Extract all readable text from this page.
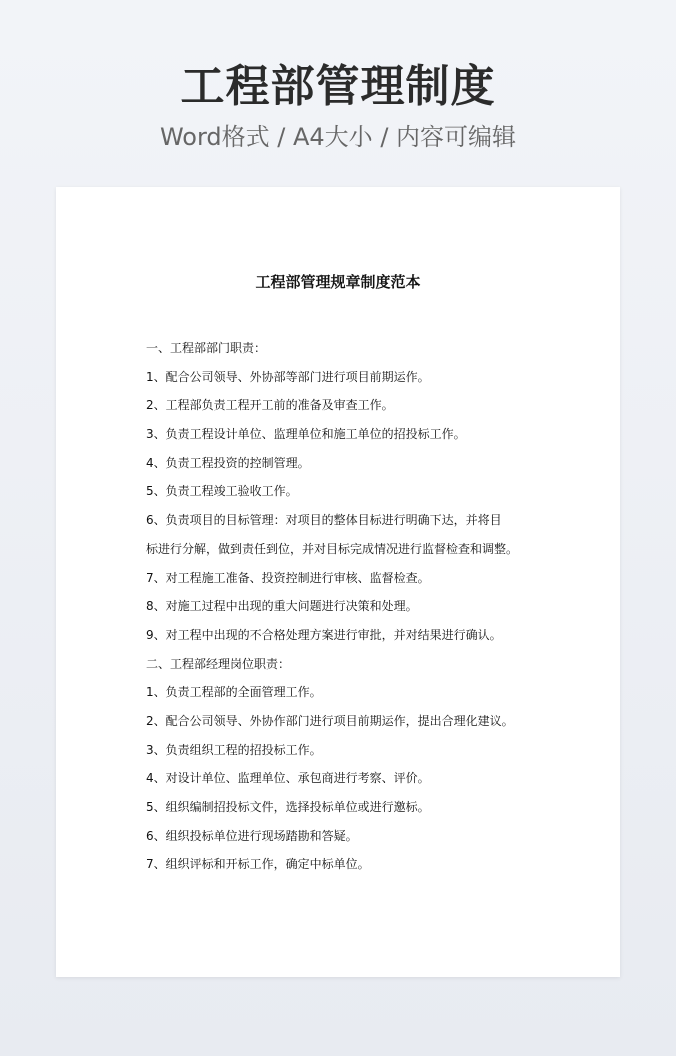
工程部管理制度
Word格式 / A4大小 / 内容可编辑
工程部管理规章制度范本
一、工程部部门职责：
1、配合公司领导、外协部等部门进行项目前期运作。
2、工程部负责工程开工前的准备及审查工作。
3、负责工程设计单位、监理单位和施工单位的招投标工作。
4、负责工程投资的控制管理。
5、负责工程竣工验收工作。
6、负责项目的目标管理：对项目的整体目标进行明确下达，并将目
标进行分解，做到责任到位，并对目标完成情况进行监督检查和调整。
7、对工程施工准备、投资控制进行审核、监督检查。
8、对施工过程中出现的重大问题进行决策和处理。
9、对工程中出现的不合格处理方案进行审批，并对结果进行确认。
二、工程部经理岗位职责：
1、负责工程部的全面管理工作。
2、配合公司领导、外协作部门进行项目前期运作，提出合理化建议。
3、负责组织工程的招投标工作。
4、对设计单位、监理单位、承包商进行考察、评价。
5、组织编制招投标文件，选择投标单位或进行邀标。
6、组织投标单位进行现场踏勘和答疑。
7、组织评标和开标工作，确定中标单位。
